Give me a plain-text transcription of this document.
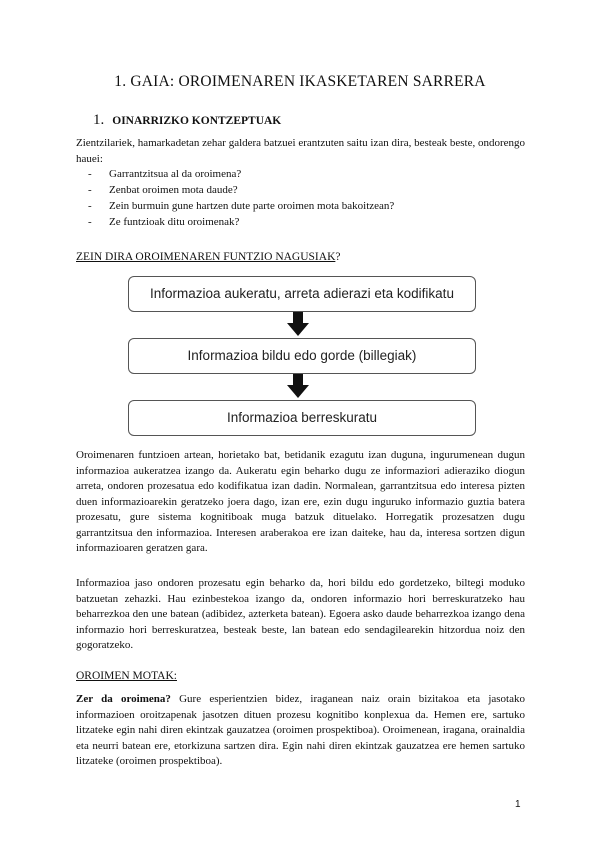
1. GAIA: OROIMENAREN IKASKETAREN SARRERA
1. OINARRIZKO KONTZEPTUAK

Zientzilariek, hamarkadetan zehar galdera batzuei erantzuten saitu izan dira, besteak beste, ondorengo hauei:

- Garrantzitsua al da oroimena?
- Zenbat oroimen mota daude?
- Zein burmuin gune hartzen dute parte oroimen mota bakoitzean?
- Ze funtzioak ditu oroimenak?
ZEIN DIRA OROIMENAREN FUNTZIO NAGUSIAK?
Informazioa aukeratu, arreta adierazi eta kodifikatu
Informazioa bildu edo gorde (billegiak)
Informazioa berreskuratu

Oroimenaren funtzioen artean, horietako bat, betidanik ezagutu izan duguna, ingurumenean dugun informazioa aukeratzea izango da. Aukeratu egin beharko dugu ze informaziori adieraziko diogun arreta, ondoren prozesatua edo kodifikatua izan dadin. Normalean, garrantzitsua edo interesa pizten duen informazioarekin geratzeko joera dago, izan ere, ezin dugu inguruko informazio guztia batera prozesatu, gure sistema kognitiboak muga batzuk dituelako. Horregatik prozesatzen dugu garrantzitsua den informazioa. Interesen araberakoa ere izan daiteke, hau da, interesa sortzen digun informazioaren geratzen gara.

Informazioa jaso ondoren prozesatu egin beharko da, hori bildu edo gordetzeko, biltegi moduko batzuetan zehazki. Hau ezinbestekoa izango da, ondoren informazio hori berreskuratzeko hau beharrezkoa den une batean (adibidez, azterketa batean). Egoera asko daude beharrezkoa izango dena informazio hori berreskuratzea, besteak beste, lan batean edo sendagilearekin hitzordua noiz den gogoratzeko.

OROIMEN MOTAK:

Zer da oroimena? Gure esperientzien bidez, iraganean naiz orain bizitakoa eta jasotako informazioen oroitzapenak jasotzen dituen prozesu kognitibo konplexua da. Hemen ere, sartuko litzateke egin nahi diren ekintzak gauzatzea (oroimen prospektiboa). Oroimenean, iragana, orainaldia eta neurri batean ere, etorkizuna sartzen dira. Egin nahi diren ekintzak gauzatzea ere hemen sartuko litzateke (oroimen prospektiboa).

1
